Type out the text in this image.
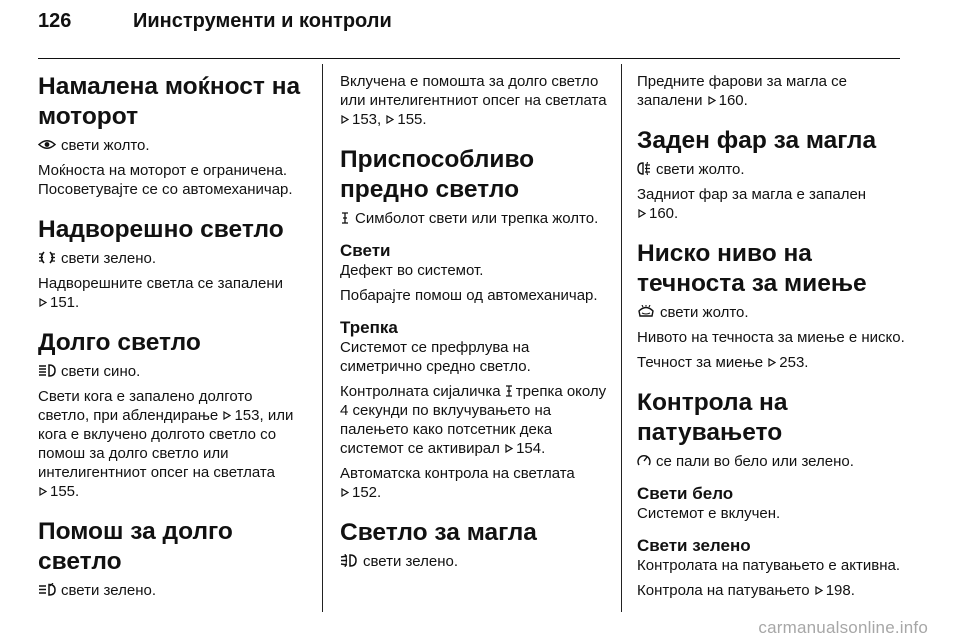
126	Иинструменти и контроли
Намалена моќност на моторот

свети жолто.

Моќноста на моторот е ограничена. Посоветувајте се со автомеханичар.

Надворешно светло

свети зелено.

Надворешните светла се запалени

151.

Долго светло

свети сино.

Свети кога е запалено долгото светло, при аблендирање 153, или кога е вклучено долгото светло со помош за долго светло или интелигентниот опсег на светлата

155.

Помош за долго светло

свети зелено.

Вклучена е помошта за долго светло или интелигентниот опсег на светлата
153, 155.

Приспособливо предно светло

Симболот свети или трепка жолто.

Свети

Дефект во системот.

Побарајте помош од автомеханичар.

Трепка

Системот се префрлува на симетрично средно светло.

Контролната сијаличка трепка околу 4 секунди по вклучувањето на палењето како потсетник дека системот се активирал 154.

Автоматска контрола на светлата

152.

Светло за магла

свети зелено.

Предните фарови за магла се запалени 160.

Заден фар за магла

свети жолто.

Задниот фар за магла е запален

160.

Ниско ниво на течноста за миење

свети жолто.

Нивото на течноста за миење е ниско.

Течност за миење 253.

Контрола на патувањето

се пали во бело или зелено.

Свети бело

Системот е вклучен.

Свети зелено

Контролата на патувањето е активна.

Контрола на патувањето 198.

carmanualsonline.info
